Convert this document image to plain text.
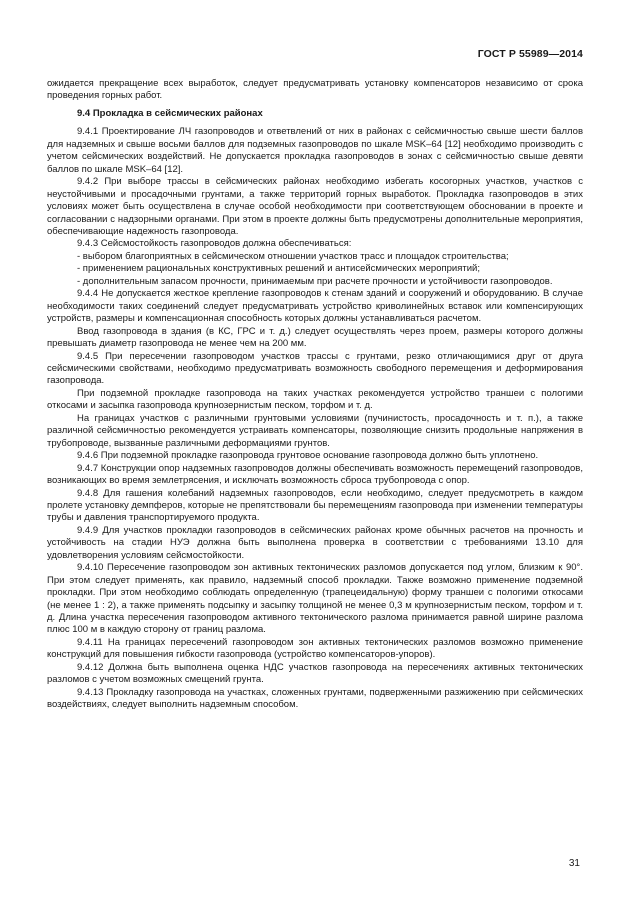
ГОСТ Р 55989—2014

ожидается прекращение всех выработок, следует предусматривать установку компенсаторов независимо от срока проведения горных работ.

9.4 Прокладка в сейсмических районах

9.4.1 Проектирование ЛЧ газопроводов и ответвлений от них в районах с сейсмичностью свыше шести баллов для надземных и свыше восьми баллов для подземных газопроводов по шкале MSK–64 [12] необходимо производить с учетом сейсмических воздействий. Не допускается прокладка газопроводов в зонах с сейсмичностью свыше девяти баллов по шкале MSK–64 [12].

9.4.2 При выборе трассы в сейсмических районах необходимо избегать косогорных участков, участков с неустойчивыми и просадочными грунтами, а также территорий горных выработок. Прокладка газопроводов в этих условиях может быть осуществлена в случае особой необходимости при соответствующем обосновании в проекте и согласовании с надзорными органами. При этом в проекте должны быть предусмотрены дополнительные мероприятия, обеспечивающие надежность газопровода.

9.4.3 Сейсмостойкость газопроводов должна обеспечиваться:

- выбором благоприятных в сейсмическом отношении участков трасс и площадок строительства;

- применением рациональных конструктивных решений и антисейсмических мероприятий;

- дополнительным запасом прочности, принимаемым при расчете прочности и устойчивости газопроводов.

9.4.4 Не допускается жесткое крепление газопроводов к стенам зданий и сооружений и оборудованию. В случае необходимости таких соединений следует предусматривать устройство криволинейных вставок или компенсирующих устройств, размеры и компенсационная способность которых должны устанавливаться расчетом.

Ввод газопровода в здания (в КС, ГРС и т. д.) следует осуществлять через проем, размеры которого должны превышать диаметр газопровода не менее чем на 200 мм.

9.4.5 При пересечении газопроводом участков трассы с грунтами, резко отличающимися друг от друга сейсмическими свойствами, необходимо предусматривать возможность свободного перемещения и деформирования газопровода.

При подземной прокладке газопровода на таких участках рекомендуется устройство траншеи с пологими откосами и засыпка газопровода крупнозернистым песком, торфом и т. д.

На границах участков с различными грунтовыми условиями (пучинистость, просадочность и т. п.), а также различной сейсмичностью рекомендуется устраивать компенсаторы, позволяющие снизить продольные напряжения в трубопроводе, вызванные различными деформациями грунтов.

9.4.6 При подземной прокладке газопровода грунтовое основание газопровода должно быть уплотнено.

9.4.7 Конструкции опор надземных газопроводов должны обеспечивать возможность перемещений газопроводов, возникающих во время землетрясения, и исключать возможность сброса трубопровода с опор.

9.4.8 Для гашения колебаний надземных газопроводов, если необходимо, следует предусмотреть в каждом пролете установку демпферов, которые не препятствовали бы перемещениям газопровода при изменении температуры трубы и давления транспортируемого продукта.

9.4.9 Для участков прокладки газопроводов в сейсмических районах кроме обычных расчетов на прочность и устойчивость на стадии НУЭ должна быть выполнена проверка в соответствии с требованиями 13.10 для удовлетворения условиям сейсмостойкости.

9.4.10 Пересечение газопроводом зон активных тектонических разломов допускается под углом, близким к 90°. При этом следует применять, как правило, надземный способ прокладки. Также возможно применение подземной прокладки. При этом необходимо соблюдать определенную (трапецеидальную) форму траншеи с пологими откосами (не менее 1 : 2), а также применять подсыпку и засыпку толщиной не менее 0,3 м крупнозернистым песком, торфом и т. д. Длина участка пересечения газопроводом активного тектонического разлома принимается равной ширине разлома плюс 100 м в каждую сторону от границ разлома.

9.4.11 На границах пересечений газопроводом зон активных тектонических разломов возможно применение конструкций для повышения гибкости газопровода (устройство компенсаторов-упоров).

9.4.12 Должна быть выполнена оценка НДС участков газопровода на пересечениях активных тектонических разломов с учетом возможных смещений грунта.

9.4.13 Прокладку газопровода на участках, сложенных грунтами, подверженными разжижению при сейсмических воздействиях, следует выполнить надземным способом.

31
